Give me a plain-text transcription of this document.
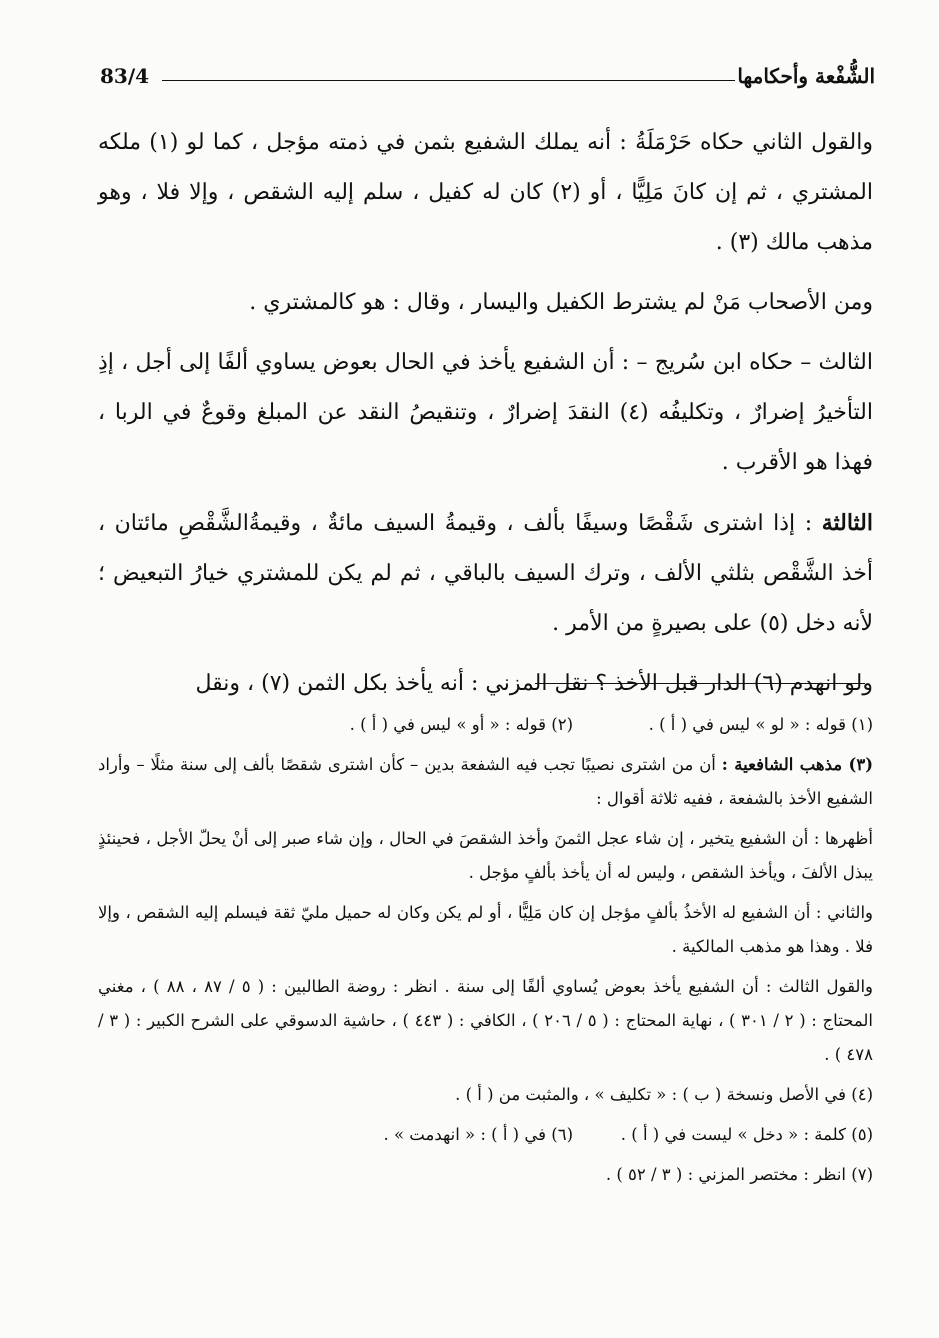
الشُّفْعة وأحكامها
83/4

والقول الثاني حكاه حَرْمَلَةُ : أنه يملك الشفيع بثمن في ذمته مؤجل ، كما لو (١) ملكه المشتري ، ثم إن كانَ مَلِيًّا ، أو (٢) كان له كفيل ، سلم إليه الشقص ، وإلا فلا ، وهو مذهب مالك (٣) .

ومن الأصحاب مَنْ لم يشترط الكفيل واليسار ، وقال : هو كالمشتري .

الثالث – حكاه ابن سُريج – : أن الشفيع يأخذ في الحال بعوض يساوي ألفًا إلى أجل ، إذِ التأخيرُ إضرارٌ ، وتكليفُه (٤) النقدَ إضرارٌ ، وتنقيصُ النقد عن المبلغ وقوعٌ في الربا ، فهذا هو الأقرب .

الثالثة : إذا اشترى شَقْصًا وسيفًا بألف ، وقيمةُ السيف مائةٌ ، وقيمةُالشَّقْصِ مائتان ، أخذ الشَّقْص بثلثي الألف ، وترك السيف بالباقي ، ثم لم يكن للمشتري خيارُ التبعيض ؛ لأنه دخل (٥) على بصيرةٍ من الأمر .

ولو انهدم (٦) الدار قبل الأخذ ؟ نقل المزني : أنه يأخذ بكل الثمن (٧) ، ونقل

(١) قوله : « لو » ليس في ( أ ) .
(٢) قوله : « أو » ليس في ( أ ) .

(٣) مذهب الشافعية : أن من اشترى نصيبًا تجب فيه الشفعة بدين – كأن اشترى شقصًا بألف إلى سنة مثلًا – وأراد الشفيع الأخذ بالشفعة ، ففيه ثلاثة أقوال :

أظهرها : أن الشفيع يتخير ، إن شاء عجل الثمنَ وأخذ الشقصَ في الحال ، وإن شاء صبر إلى أنْ يحلّ الأجل ، فحينئذٍ يبذل الألفَ ، ويأخذ الشقص ، وليس له أن يأخذ بألفٍ مؤجل .

والثاني : أن الشفيع له الأخذُ بألفٍ مؤجل إن كان مَلِيًّا ، أو لم يكن وكان له حميل مليّ ثقة فيسلم إليه الشقص ، وإلا فلا . وهذا هو مذهب المالكية .

والقول الثالث : أن الشفيع يأخذ بعوض يُساوي ألفًا إلى سنة . انظر : روضة الطالبين : ( ٥ / ٨٧ ، ٨٨ ) ، مغني المحتاج : ( ٢ / ٣٠١ ) ، نهاية المحتاج : ( ٥ / ٢٠٦ ) ، الكافي : ( ٤٤٣ ) ، حاشية الدسوقي على الشرح الكبير : ( ٣ / ٤٧٨ ) .

(٤) في الأصل ونسخة ( ب ) : « تكليف » ، والمثبت من ( أ ) .

(٥) كلمة : « دخل » ليست في ( أ ) .
(٦) في ( أ ) : « انهدمت » .

(٧) انظر : مختصر المزني : ( ٣ / ٥٢ ) .
